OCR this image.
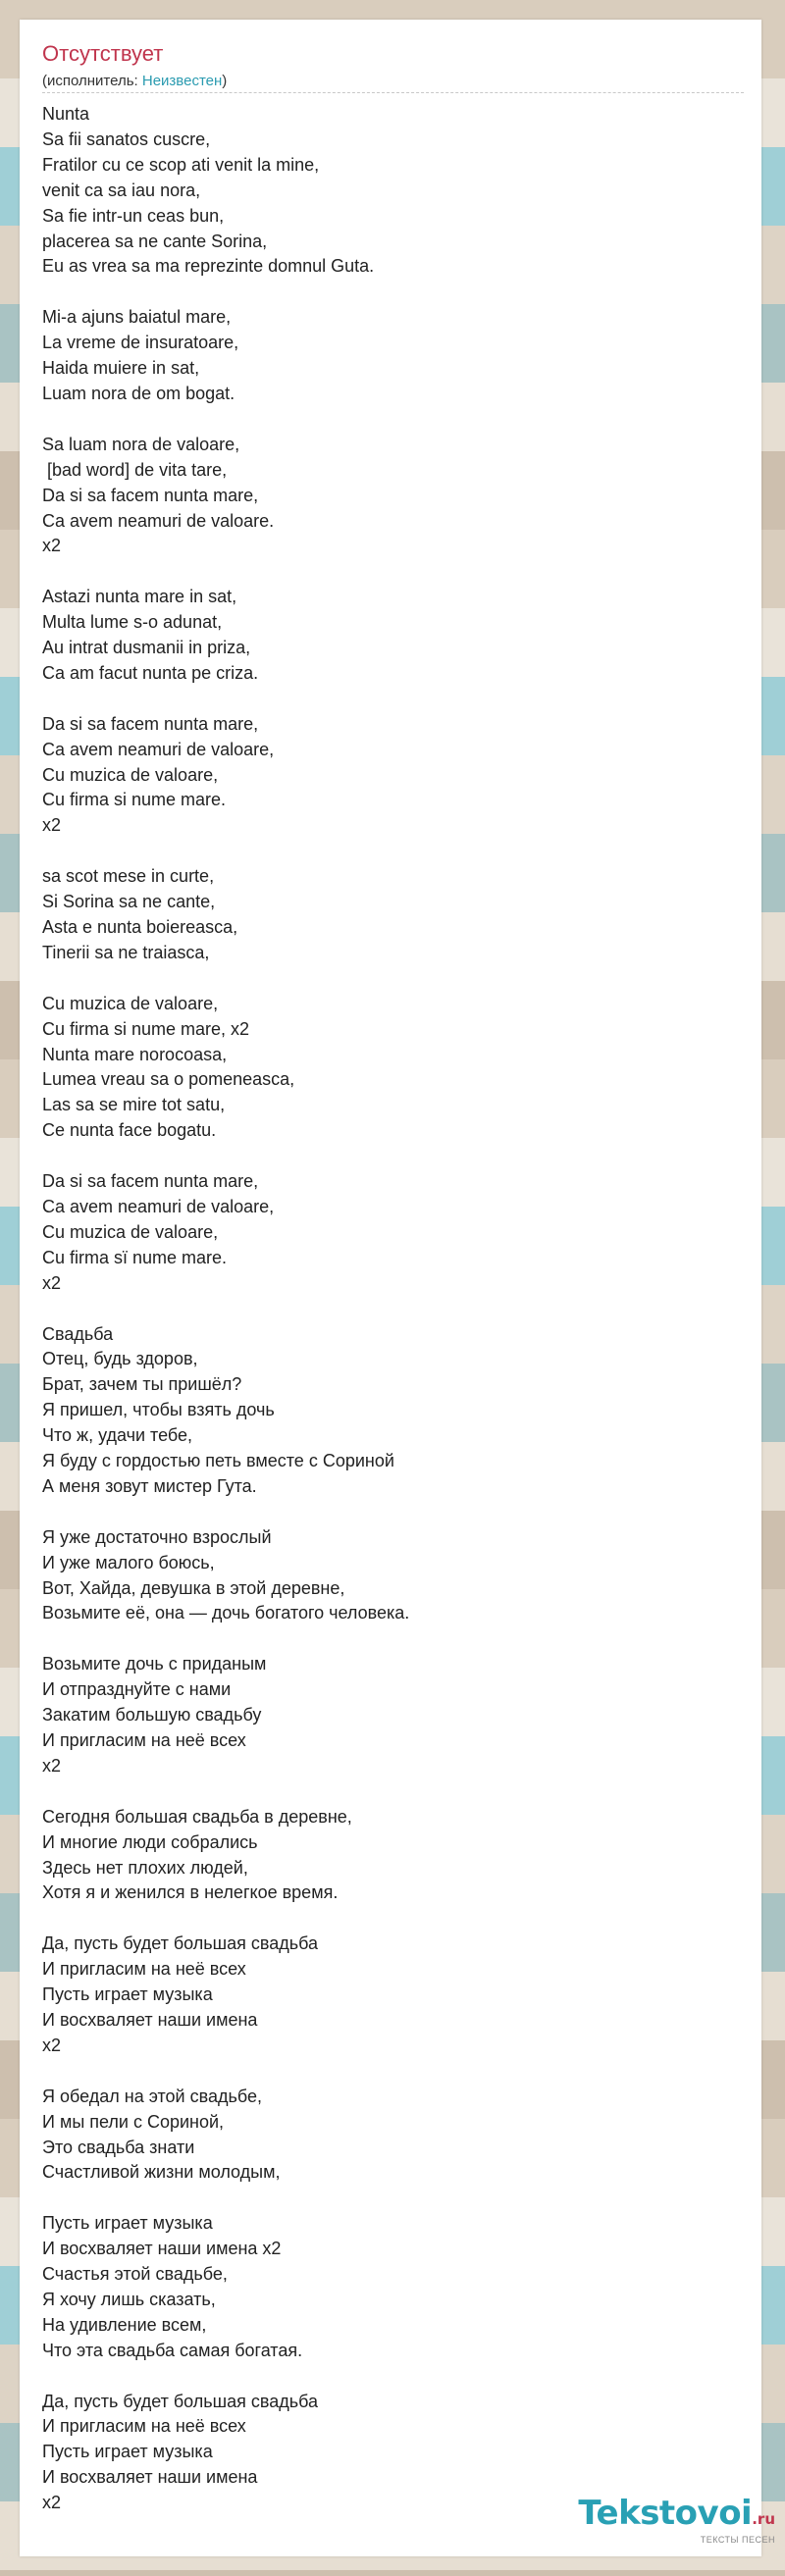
Отсутствует
(исполнитель: Неизвестен)
Nunta
Sa fii sanatos cuscre,
Fratilor cu ce scop ati venit la mine,
venit ca sa iau nora,
Sa fie intr-un ceas bun,
placerea sa ne cante Sorina,
Eu as vrea sa ma reprezinte domnul Guta.

Mi-a ajuns baiatul mare,
La vreme de insuratoare,
Haida muiere in sat,
Luam nora de om bogat.

Sa luam nora de valoare,
[bad word] de vita tare,
Da si sa facem nunta mare,
Ca avem neamuri de valoare.
x2

Astazi nunta mare in sat,
Multa lume s-o adunat,
Au intrat dusmanii in priza,
Ca am facut nunta pe criza.

Da si sa facem nunta mare,
Ca avem neamuri de valoare,
Cu muzica de valoare,
Cu firma si nume mare.
x2

sa scot mese in curte,
Si Sorina sa ne cante,
Asta e nunta boiereasca,
Tinerii sa ne traiasca,

Cu muzica de valoare,
Cu firma si nume mare, x2
Nunta mare norocoasa,
Lumea vreau sa o pomeneasca,
Las sa se mire tot satu,
Ce nunta face bogatu.

Da si sa facem nunta mare,
Ca avem neamuri de valoare,
Cu muzica de valoare,
Cu firma sї nume mare.
x2

Свадьба
Отец, будь здоров,
Брат, зачем ты пришёл?
Я пришел, чтобы взять дочь
Что ж, удачи тебе,
Я буду с гордостью петь вместе с Сориной
А меня зовут мистер Гута.

Я уже достаточно взрослый
И уже малого боюсь,
Вот, Хайда, девушка в этой деревне,
Возьмите её, она — дочь богатого человека.

Возьмите дочь с приданым
И отпразднуйте с нами
Закатим большую свадьбу
И пригласим на неё всех
x2

Сегодня большая свадьба в деревне,
И многие люди собрались
Здесь нет плохих людей,
Хотя я и женился в нелегкое время.

Да, пусть будет большая свадьба
И пригласим на неё всех
Пусть играет музыка
И восхваляет наши имена
x2

Я обедал на этой свадьбе,
И мы пели с Сориной,
Это свадьба знати
Счастливой жизни молодым,

Пусть играет музыка
И восхваляет наши имена x2
Счастья этой свадьбе,
Я хочу лишь сказать,
На удивление всем,
Что эта свадьба самая богатая.

Да, пусть будет большая свадьба
И пригласим на неё всех
Пусть играет музыка
И восхваляет наши имена
x2	Tekstovoi.ru
ТЕКСТЫ ПЕСЕН
